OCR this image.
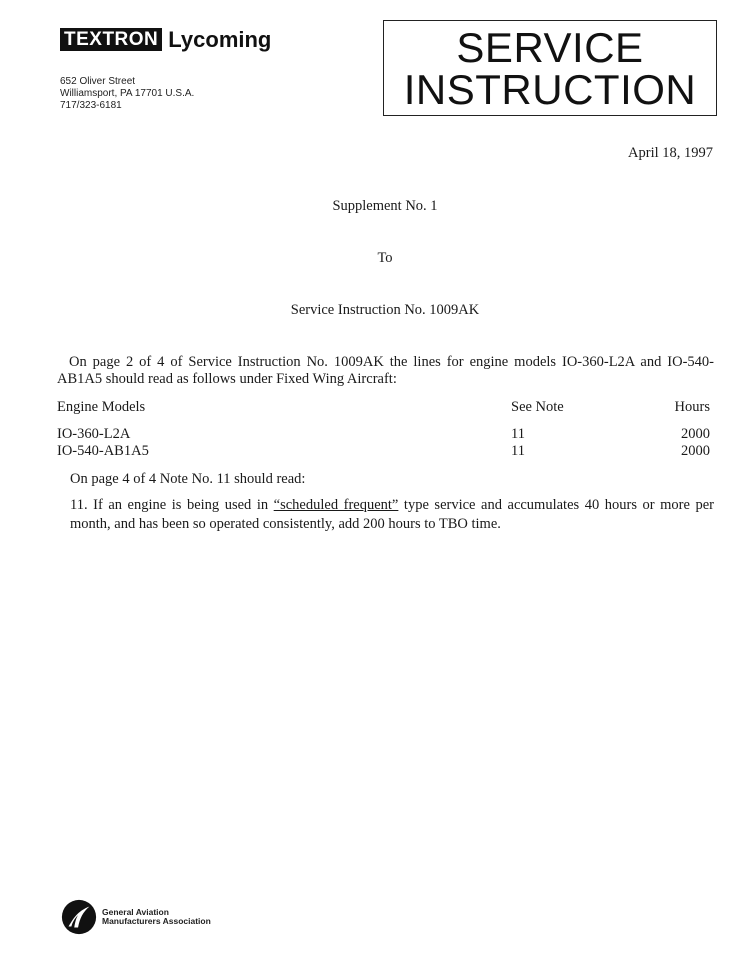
TEXTRON Lycoming
652 Oliver Street
Williamsport, PA 17701 U.S.A.
717/323-6181
SERVICE
INSTRUCTION
April 18, 1997
Supplement No. 1
To
Service Instruction No. 1009AK
On page 2 of 4 of Service Instruction No. 1009AK the lines for engine models IO-360-L2A and IO-540-AB1A5 should read as follows under Fixed Wing Aircraft:
Engine Models	See Note	Hours
IO-360-L2A	11	2000
IO-540-AB1A5	11	2000
On page 4 of 4 Note No. 11 should read:
11. If an engine is being used in “scheduled frequent” type service and accumulates 40 hours or more per month, and has been so operated consistently, add 200 hours to TBO time.
General Aviation
Manufacturers Association
